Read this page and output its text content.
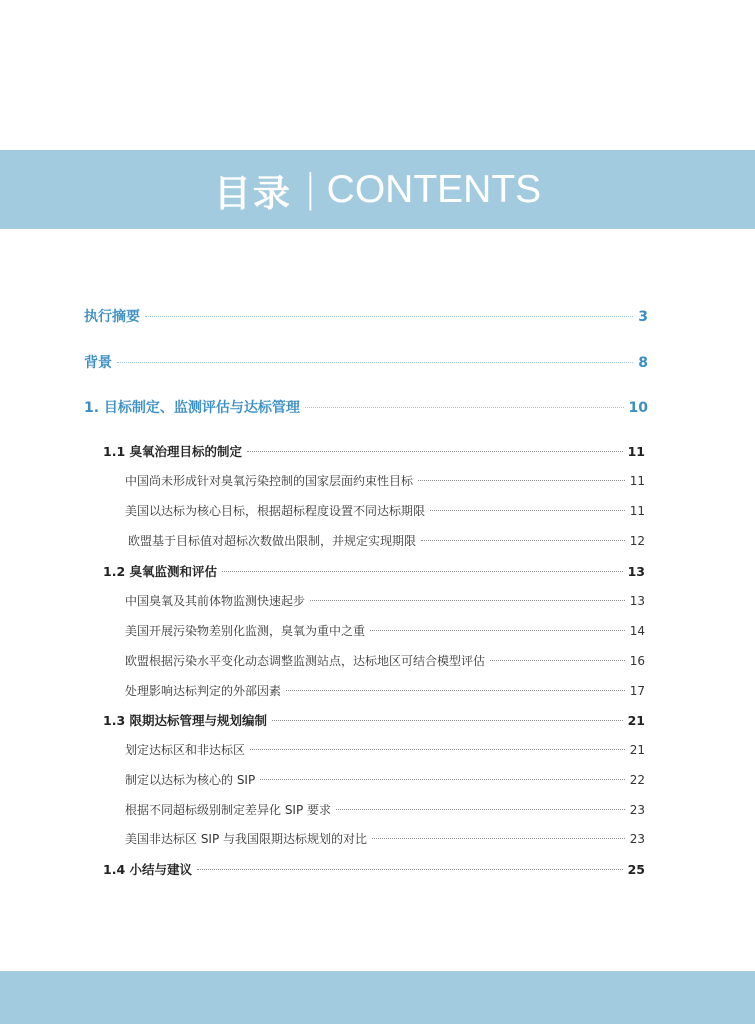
目录 | CONTENTS
执行摘要	3
背景	8
1. 目标制定、监测评估与达标管理	10
1.1 臭氧治理目标的制定	11
中国尚未形成针对臭氧污染控制的国家层面约束性目标	11
美国以达标为核心目标，根据超标程度设置不同达标期限	11
欧盟基于目标值对超标次数做出限制，并规定实现期限	12
1.2 臭氧监测和评估	13
中国臭氧及其前体物监测快速起步	13
美国开展污染物差别化监测，臭氧为重中之重	14
欧盟根据污染水平变化动态调整监测站点，达标地区可结合模型评估	16
处理影响达标判定的外部因素	17
1.3 限期达标管理与规划编制	21
划定达标区和非达标区	21
制定以达标为核心的 SIP	22
根据不同超标级别制定差异化 SIP 要求	23
美国非达标区 SIP 与我国限期达标规划的对比	23
1.4 小结与建议	25
